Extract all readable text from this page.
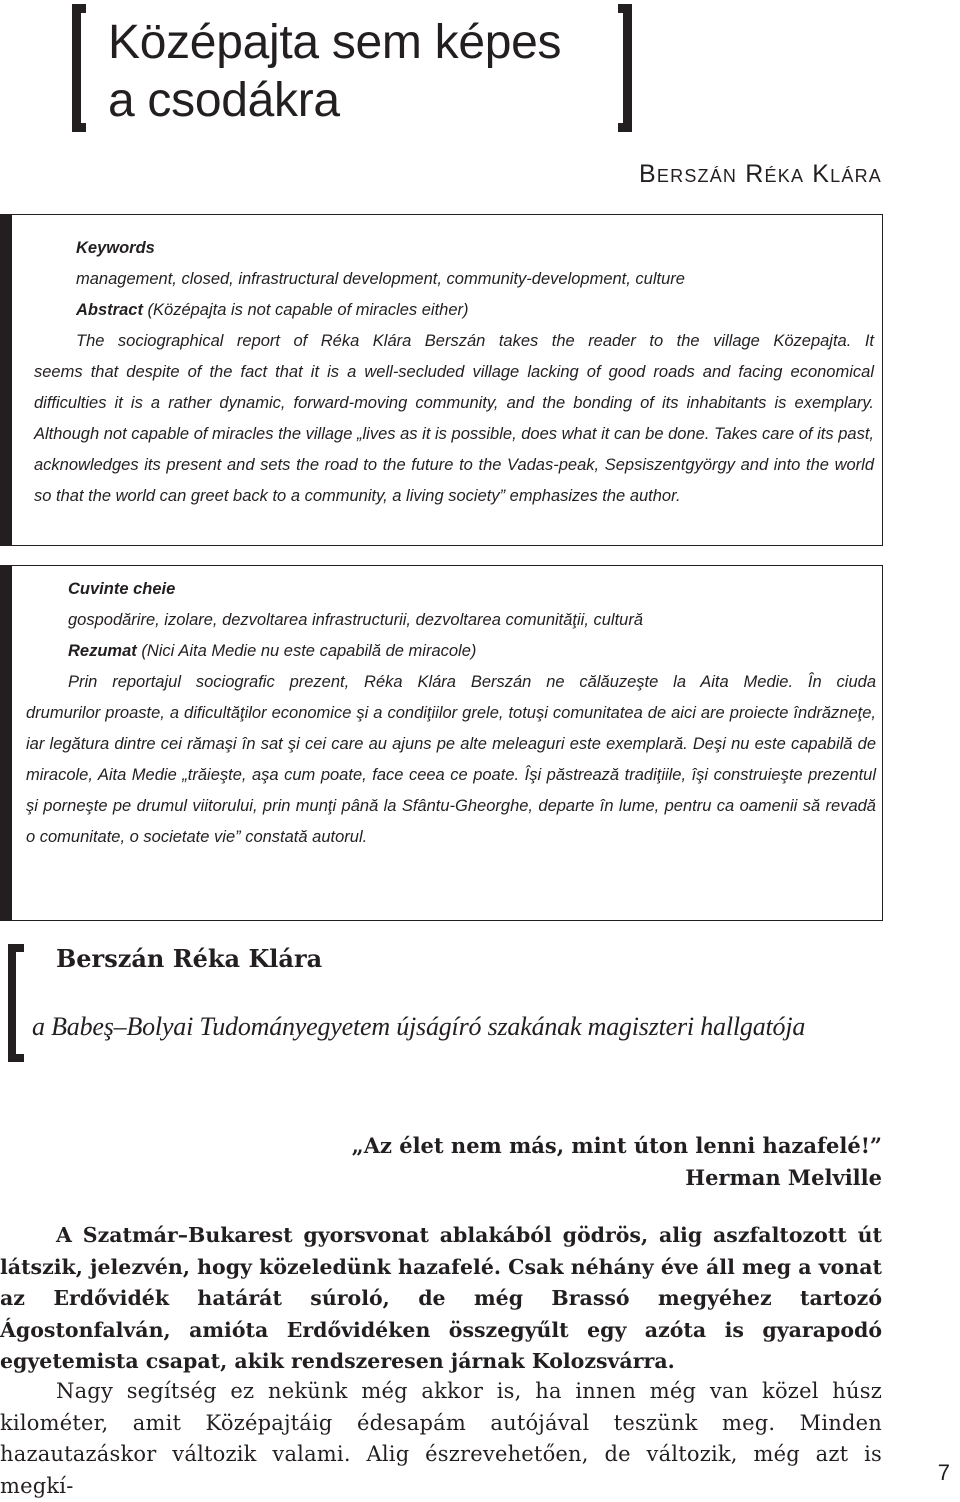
Középajta sem képes
a csodákra
Berszán Réka Klára
Keywords
management, closed, infrastructural development, community-development, culture
Abstract (Középajta is not capable of miracles either)
The sociographical report of Réka Klára Berszán takes the reader to the village Közepajta. It
seems that despite of the fact that it is a well-secluded village lacking of good roads and facing economical difficulties it is a rather dynamic, forward-moving community, and the bonding of its inhabitants is exemplary. Although not capable of miracles the village „lives as it is possible, does what it can be done. Takes care of its past, acknowledges its present and sets the road to the future to the Vadas-peak, Sepsiszentgyörgy and into the world so that the world can greet back to a community, a living society” emphasizes the author.
Cuvinte cheie
gospodărire, izolare, dezvoltarea infrastructurii, dezvoltarea comunităţii, cultură
Rezumat (Nici Aita Medie nu este capabilă de miracole)
Prin reportajul sociografic prezent, Réka Klára Berszán ne călăuzeşte la Aita Medie. În ciuda
drumurilor proaste, a dificultăţilor economice şi a condiţiilor grele, totuşi comunitatea de aici are proiecte îndrăzneţe, iar legătura dintre cei rămaşi în sat şi cei care au ajuns pe alte meleaguri este exemplară. Deşi nu este capabilă de miracole, Aita Medie „trăieşte, aşa cum poate, face ceea ce poate. Îşi păstrează tradiţiile, îşi construieşte prezentul şi porneşte pe drumul viitorului, prin munţi până la Sfântu-Gheorghe, departe în lume, pentru ca oamenii să revadă o comunitate, o societate vie” constată autorul.
Berszán Réka Klára
a Babeş–Bolyai Tudományegyetem újságíró szakának magiszteri hallgatója
„Az élet nem más, mint úton lenni hazafelé!”
Herman Melville

A Szatmár–Bukarest gyorsvonat ablakából gödrös, alig aszfaltozott út látszik, jelezvén, hogy közeledünk hazafelé. Csak néhány éve áll meg a vonat az Erdővidék határát súroló, de még Brassó megyéhez tartozó Ágostonfalván, amióta Erdővidéken összegyűlt egy azóta is gyarapodó egyetemista csapat, akik rendszeresen járnak Kolozsvárra.

Nagy segítség ez nekünk még akkor is, ha innen még van közel húsz kilométer, amit Középajtáig édesapám autójával teszünk meg. Minden hazautazáskor változik valami. Alig észrevehetően, de változik, még azt is megkí-

7
